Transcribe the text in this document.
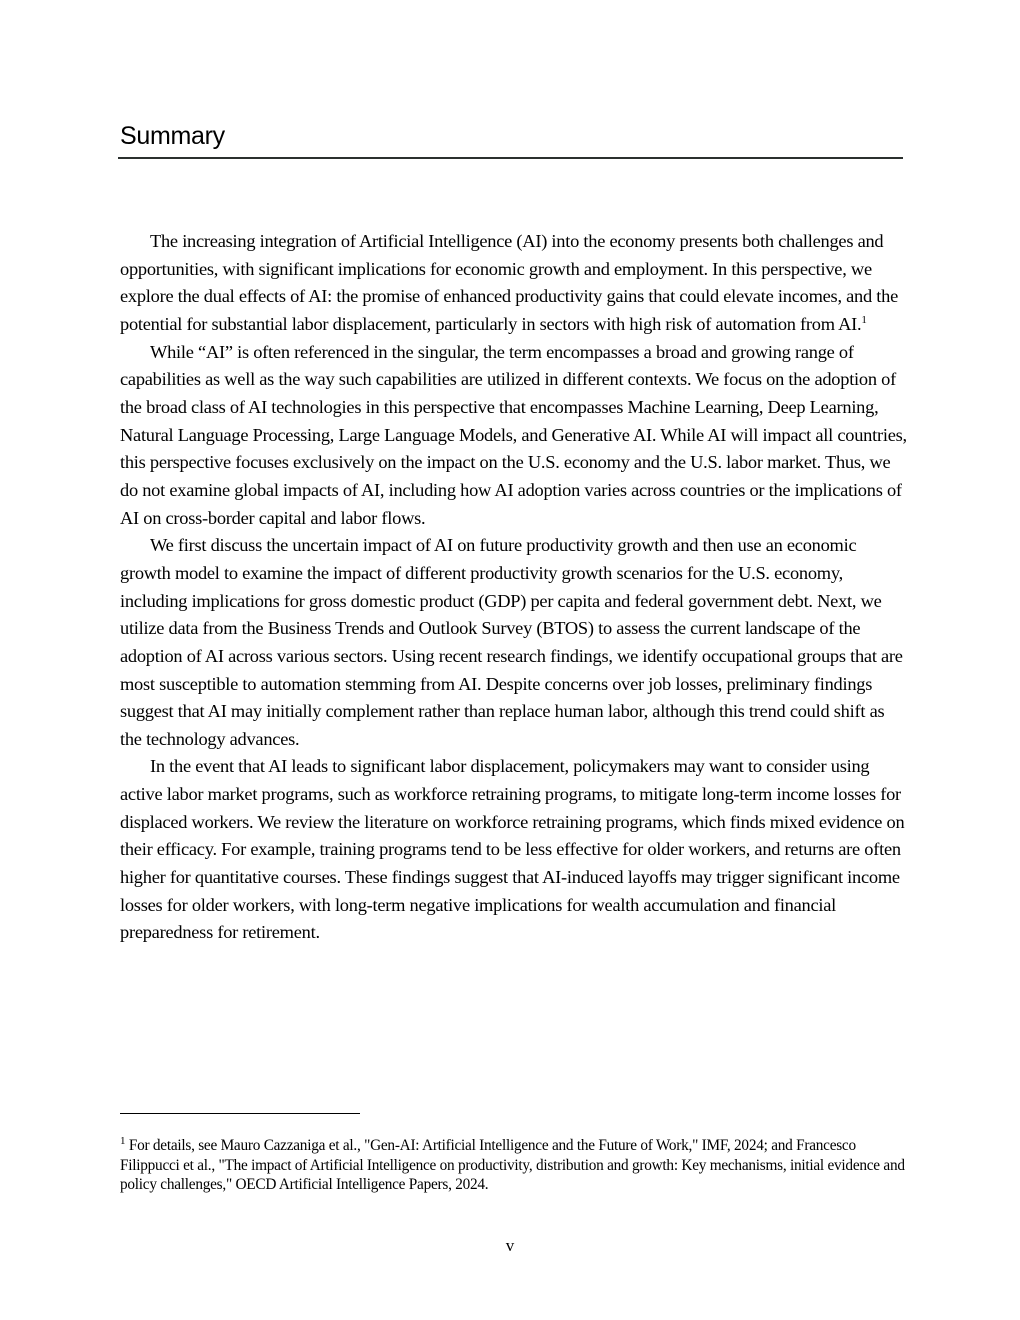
Summary

The increasing integration of Artificial Intelligence (AI) into the economy presents both challenges and opportunities, with significant implications for economic growth and employment. In this perspective, we explore the dual effects of AI: the promise of enhanced productivity gains that could elevate incomes, and the potential for substantial labor displacement, particularly in sectors with high risk of automation from AI.$^1$

While “AI” is often referenced in the singular, the term encompasses a broad and growing range of capabilities as well as the way such capabilities are utilized in different contexts. We focus on the adoption of the broad class of AI technologies in this perspective that encompasses Machine Learning, Deep Learning, Natural Language Processing, Large Language Models, and Generative AI. While AI will impact all countries, this perspective focuses exclusively on the impact on the U.S. economy and the U.S. labor market. Thus, we do not examine global impacts of AI, including how AI adoption varies across countries or the implications of AI on cross-border capital and labor flows.

We first discuss the uncertain impact of AI on future productivity growth and then use an economic growth model to examine the impact of different productivity growth scenarios for the U.S. economy, including implications for gross domestic product (GDP) per capita and federal government debt. Next, we utilize data from the Business Trends and Outlook Survey (BTOS) to assess the current landscape of the adoption of AI across various sectors. Using recent research findings, we identify occupational groups that are most susceptible to automation stemming from AI. Despite concerns over job losses, preliminary findings suggest that AI may initially complement rather than replace human labor, although this trend could shift as the technology advances.

In the event that AI leads to significant labor displacement, policymakers may want to consider using active labor market programs, such as workforce retraining programs, to mitigate long-term income losses for displaced workers. We review the literature on workforce retraining programs, which finds mixed evidence on their efficacy. For example, training programs tend to be less effective for older workers, and returns are often higher for quantitative courses. These findings suggest that AI-induced layoffs may trigger significant income losses for older workers, with long-term negative implications for wealth accumulation and financial preparedness for retirement.

$^1$ For details, see Mauro Cazzaniga et al., "Gen-AI: Artificial Intelligence and the Future of Work," IMF, 2024; and Francesco Filippucci et al., "The impact of Artificial Intelligence on productivity, distribution and growth: Key mechanisms, initial evidence and policy challenges," OECD Artificial Intelligence Papers, 2024.

v
